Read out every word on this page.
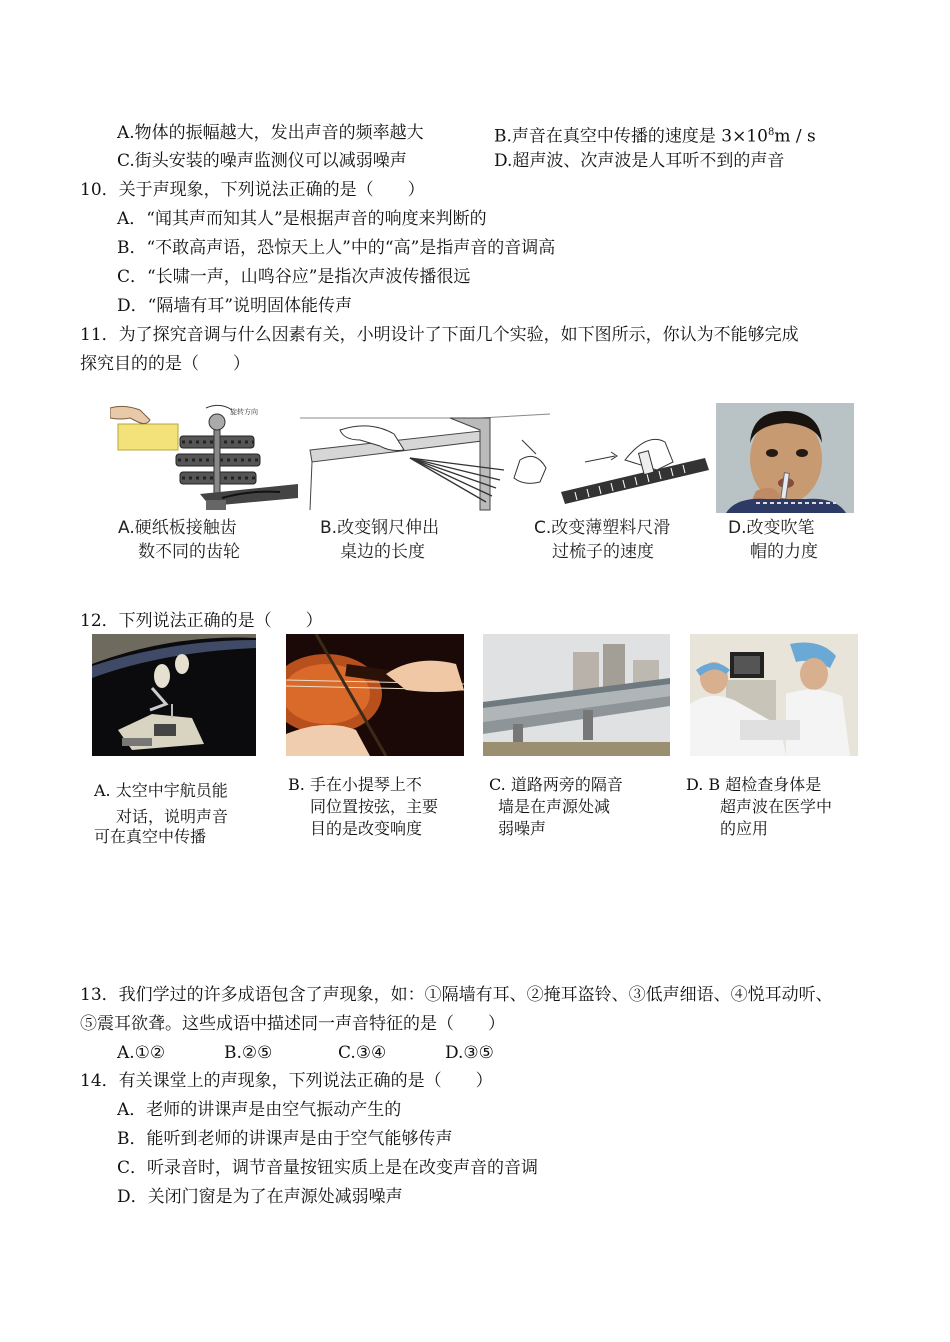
A.物体的振幅越大，发出声音的频率越大	B.声音在真空中传播的速度是 $3\times 10^8m / s$
C.街头安装的噪声监测仪可以减弱噪声	D.超声波、次声波是人耳听不到的声音
10．关于声现象，下列说法正确的是（　　）
A．“闻其声而知其人”是根据声音的响度来判断的
B．“不敢高声语，恐惊天上人”中的“高”是指声音的音调高
C．“长啸一声，山鸣谷应”是指次声波传播很远
D．“隔墙有耳”说明固体能传声
11．为了探究音调与什么因素有关，小明设计了下面几个实验，如下图所示，你认为不能够完成
探究目的的是（　　）
旋转方向
A.硬纸板接触齿
数不同的齿轮
B.改变钢尺伸出
桌边的长度
C.改变薄塑料尺滑
过梳子的速度
D.改变吹笔
帽的力度
12．下列说法正确的是（　　）
A. 太空中宇航员能
对话，说明声音
可在真空中传播
B. 手在小提琴上不
同位置按弦，主要
目的是改变响度
C. 道路两旁的隔音
墙是在声源处减
弱噪声
D. B 超检查身体是
超声波在医学中
的应用
13．我们学过的许多成语包含了声现象，如：①隔墙有耳、②掩耳盗铃、③低声细语、④悦耳动听、
⑤震耳欲聋。这些成语中描述同一声音特征的是（　　）
A.①②	B.②⑤	C.③④	D.③⑤
14．有关课堂上的声现象，下列说法正确的是（　　）
A．老师的讲课声是由空气振动产生的
B．能听到老师的讲课声是由于空气能够传声
C．听录音时，调节音量按钮实质上是在改变声音的音调
D．关闭门窗是为了在声源处减弱噪声
